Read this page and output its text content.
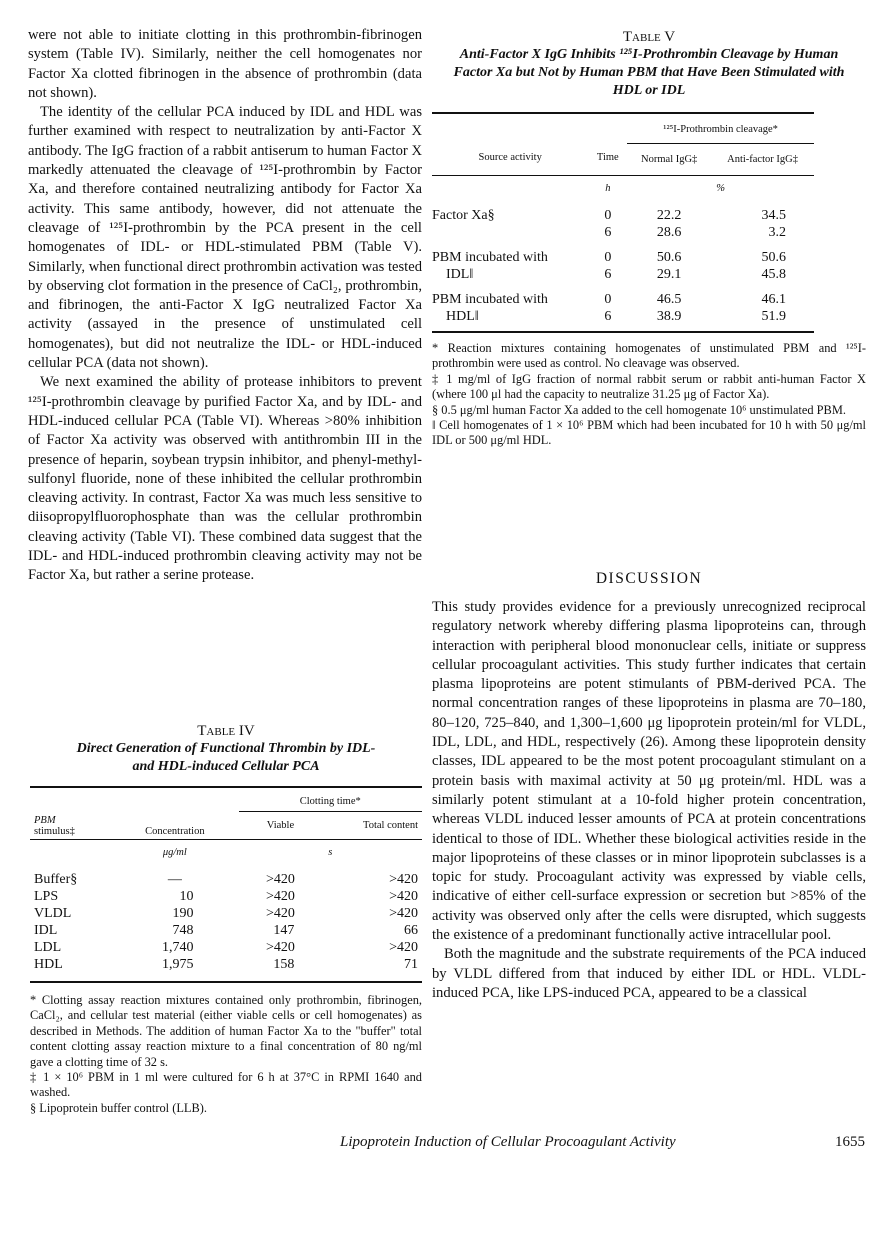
were not able to initiate clotting in this prothrombin-fibrinogen system (Table IV). Similarly, neither the cell homogenates nor Factor Xa clotted fibrinogen in the absence of prothrombin (data not shown).

The identity of the cellular PCA induced by IDL and HDL was further examined with respect to neutralization by anti-Factor X antibody. The IgG fraction of a rabbit antiserum to human Factor X markedly attenuated the cleavage of ¹²⁵I-prothrombin by Factor Xa, and therefore contained neutralizing antibody for Factor Xa activity. This same antibody, however, did not attenuate the cleavage of ¹²⁵I-prothrombin by the PCA present in the cell homogenates of IDL- or HDL-stimulated PBM (Table V). Similarly, when functional direct prothrombin activation was tested by observing clot formation in the presence of CaCl₂, prothrombin, and fibrinogen, the anti-Factor X IgG neutralized Factor Xa activity (assayed in the presence of unstimulated cell homogenates), but did not neutralize the IDL- or HDL-induced cellular PCA (data not shown).

We next examined the ability of protease inhibitors to prevent ¹²⁵I-prothrombin cleavage by purified Factor Xa, and by IDL- and HDL-induced cellular PCA (Table VI). Whereas >80% inhibition of Factor Xa activity was observed with antithrombin III in the presence of heparin, soybean trypsin inhibitor, and phenyl-methyl-sulfonyl fluoride, none of these inhibited the cellular prothrombin cleaving activity. In contrast, Factor Xa was much less sensitive to diisopropylfluorophosphate than was the cellular prothrombin cleaving activity (Table VI). These combined data suggest that the IDL- and HDL-induced prothrombin cleaving activity may not be Factor Xa, but rather a serine protease.

Table IV
Direct Generation of Functional Thrombin by IDL- and HDL-induced Cellular PCA
PBM
stimulus‡	Concentration	Clotting time*	
		Viable	Total content
	μg/ml	s	
Buffer§	—	>420	>420
LPS	10	>420	>420
VLDL	190	>420	>420
IDL	748	147	66
LDL	1,740	>420	>420
HDL	1,975	158	71

* Clotting assay reaction mixtures contained only prothrombin, fibrinogen, CaCl₂, and cellular test material (either viable cells or cell homogenates) as described in Methods. The addition of human Factor Xa to the "buffer" total content clotting assay reaction mixture to a final concentration of 80 ng/ml gave a clotting time of 32 s.

‡ 1 × 10⁶ PBM in 1 ml were cultured for 6 h at 37°C in RPMI 1640 and washed.

§ Lipoprotein buffer control (LLB).

Table V
Anti-Factor X IgG Inhibits ¹²⁵I-Prothrombin Cleavage by Human Factor Xa but Not by Human PBM that Have Been Stimulated with HDL or IDL
Source activity	Time	¹²⁵I-Prothrombin cleavage*	
		Normal IgG‡	Anti-factor IgG‡
	h	%	
Factor Xa§	0	22.2	34.5
	6	28.6	3.2

PBM incubated with	0	50.6	50.6
IDL‖	6	29.1	45.8

PBM incubated with	0	46.5	46.1
HDL‖	6	38.9	51.9

* Reaction mixtures containing homogenates of unstimulated PBM and ¹²⁵I-prothrombin were used as control. No cleavage was observed.

‡ 1 mg/ml of IgG fraction of normal rabbit serum or rabbit anti-human Factor X (where 100 μl had the capacity to neutralize 31.25 μg of Factor Xa).

§ 0.5 μg/ml human Factor Xa added to the cell homogenate 10⁶ unstimulated PBM.

‖ Cell homogenates of 1 × 10⁶ PBM which had been incubated for 10 h with 50 μg/ml IDL or 500 μg/ml HDL.

DISCUSSION

This study provides evidence for a previously unrecognized reciprocal regulatory network whereby differing plasma lipoproteins can, through interaction with peripheral blood mononuclear cells, initiate or suppress cellular procoagulant activities. This study further indicates that certain plasma lipoproteins are potent stimulants of PBM-derived PCA. The normal concentration ranges of these lipoproteins in plasma are 70–180, 80–120, 725–840, and 1,300–1,600 μg lipoprotein protein/ml for VLDL, IDL, LDL, and HDL, respectively (26). Among these lipoprotein density classes, IDL appeared to be the most potent procoagulant stimulant on a protein basis with maximal activity at 50 μg protein/ml. HDL was a similarly potent stimulant at a 10-fold higher protein concentration, whereas VLDL induced lesser amounts of PCA at protein concentrations identical to those of IDL. Whether these biological activities reside in the major lipoproteins of these classes or in minor lipoprotein subclasses is a topic for study. Procoagulant activity was expressed by viable cells, indicative of either cell-surface expression or secretion but >85% of the activity was observed only after the cells were disrupted, which suggests the existence of a predominant functionally active intracellular pool.

Both the magnitude and the substrate requirements of the PCA induced by VLDL differed from that induced by either IDL or HDL. VLDL-induced PCA, like LPS-induced PCA, appeared to be a classical

Lipoprotein Induction of Cellular Procoagulant Activity	1655
